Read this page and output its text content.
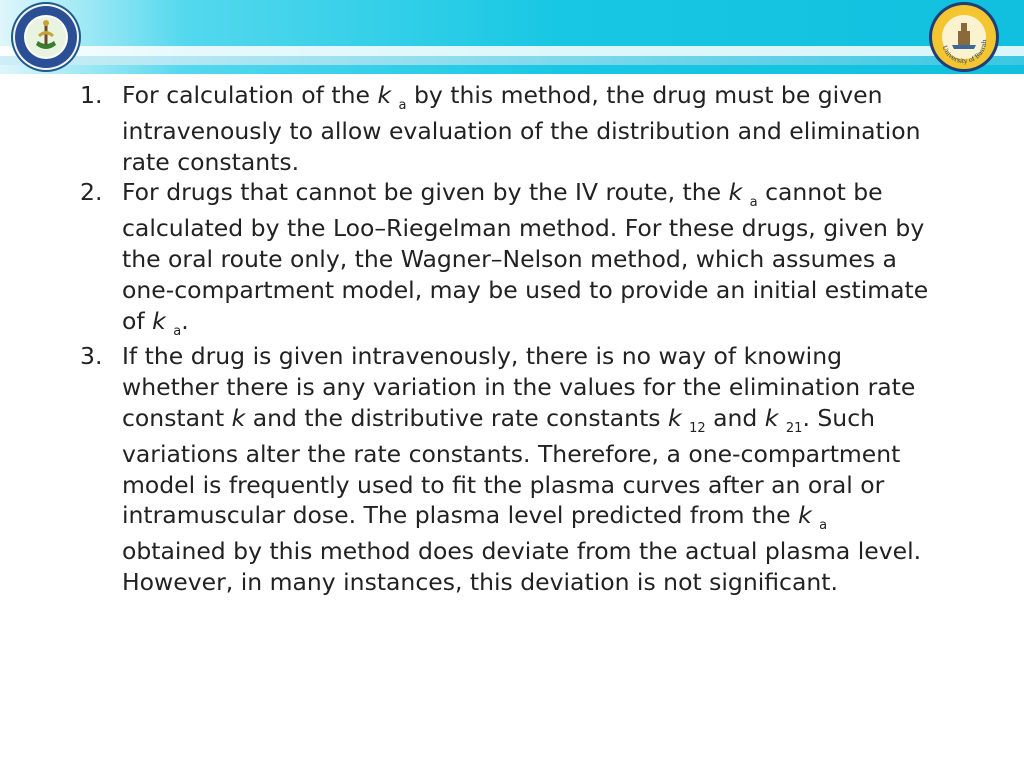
University of Basrah
1. For calculation of the k $_a$ by this method, the drug must be given intravenously to allow evaluation of the distribution and elimination rate constants.
2. For drugs that cannot be given by the IV route, the k $_a$ cannot be calculated by the Loo–Riegelman method. For these drugs, given by the oral route only, the Wagner–Nelson method, which assumes a one-compartment model, may be used to provide an initial estimate of k $_a$.
3. If the drug is given intravenously, there is no way of knowing whether there is any variation in the values for the elimination rate constant k and the distributive rate constants k $_{12}$ and k $_{21}$. Such variations alter the rate constants. Therefore, a one-compartment model is frequently used to fit the plasma curves after an oral or intramuscular dose. The plasma level predicted from the k $_a$ obtained by this method does deviate from the actual plasma level. However, in many instances, this deviation is not significant.
